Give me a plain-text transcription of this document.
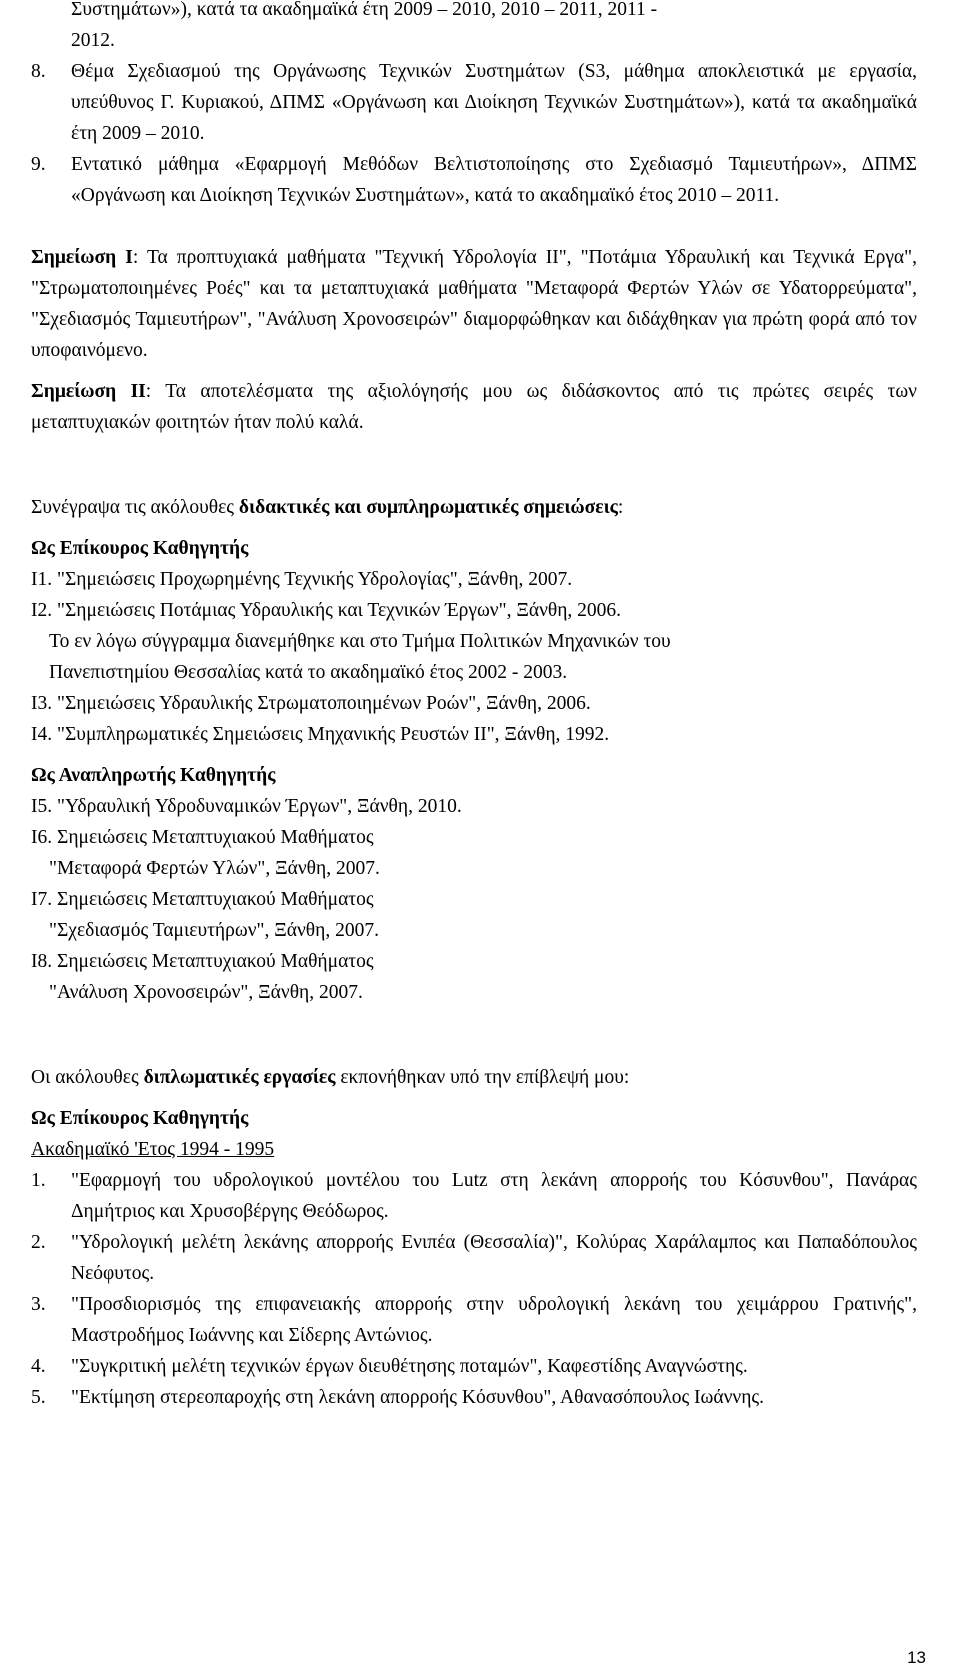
Συστημάτων»), κατά τα ακαδημαϊκά έτη 2009 – 2010, 2010 – 2011, 2011 -

2012.

8. Θέμα Σχεδιασμού της Οργάνωσης Τεχνικών Συστημάτων (S3, μάθημα αποκλειστικά με εργασία, υπεύθυνος Γ. Κυριακού, ΔΠΜΣ «Οργάνωση και Διοίκηση Τεχνικών Συστημάτων»), κατά τα ακαδημαϊκά έτη 2009 – 2010.
9. Εντατικό μάθημα «Εφαρμογή Μεθόδων Βελτιστοποίησης στο Σχεδιασμό Ταμιευτήρων», ΔΠΜΣ «Οργάνωση και Διοίκηση Τεχνικών Συστημάτων», κατά το ακαδημαϊκό έτος 2010 – 2011.

Σημείωση Ι: Τα προπτυχιακά μαθήματα "Τεχνική Υδρολογία ΙΙ", "Ποτάμια Υδραυλική και Τεχνικά Εργα", "Στρωματοποιημένες Ροές" και τα μεταπτυχιακά μαθήματα "Μεταφορά Φερτών Υλών σε Υδατορρεύματα", "Σχεδιασμός Ταμιευτήρων", "Ανάλυση Χρονοσειρών" διαμορφώθηκαν και διδάχθηκαν για πρώτη φορά από τον υποφαινόμενο.

Σημείωση ΙΙ: Τα αποτελέσματα της αξιολόγησής μου ως διδάσκοντος από τις πρώτες σειρές των μεταπτυχιακών φοιτητών ήταν πολύ καλά.

Συνέγραψα τις ακόλουθες διδακτικές και συμπληρωματικές σημειώσεις:

Ως Επίκουρος Καθηγητής

Ι1. "Σημειώσεις Προχωρημένης Τεχνικής Υδρολογίας", Ξάνθη, 2007.

Ι2. "Σημειώσεις Ποτάμιας Υδραυλικής και Τεχνικών Έργων", Ξάνθη, 2006.

Το εν λόγω σύγγραμμα διανεμήθηκε και στο Τμήμα Πολιτικών Μηχανικών του

Πανεπιστημίου Θεσσαλίας κατά το ακαδημαϊκό έτος 2002 - 2003.

Ι3. "Σημειώσεις Υδραυλικής Στρωματοποιημένων Ροών", Ξάνθη, 2006.

Ι4. "Συμπληρωματικές Σημειώσεις Μηχανικής Ρευστών ΙΙ", Ξάνθη, 1992.

Ως Αναπληρωτής Καθηγητής

Ι5. "Υδραυλική Υδροδυναμικών Έργων", Ξάνθη, 2010.

Ι6. Σημειώσεις Μεταπτυχιακού Μαθήματος

"Μεταφορά Φερτών Υλών", Ξάνθη, 2007.

Ι7. Σημειώσεις Μεταπτυχιακού Μαθήματος

"Σχεδιασμός Ταμιευτήρων", Ξάνθη, 2007.

Ι8. Σημειώσεις Μεταπτυχιακού Μαθήματος

"Ανάλυση Χρονοσειρών", Ξάνθη, 2007.

Οι ακόλουθες διπλωματικές εργασίες εκπονήθηκαν υπό την επίβλεψή μου:

Ως Επίκουρος Καθηγητής

Ακαδημαϊκό 'Ετος 1994 - 1995

1. "Εφαρμογή του υδρολογικού μοντέλου του Lutz στη λεκάνη απορροής του Κόσυνθου", Πανάρας Δημήτριος και Χρυσοβέργης Θεόδωρος.
2. "Υδρολογική μελέτη λεκάνης απορροής Ενιπέα (Θεσσαλία)", Κολύρας Χαράλαμπος και Παπαδόπουλος Νεόφυτος.
3. "Προσδιορισμός της επιφανειακής απορροής στην υδρολογική λεκάνη του χειμάρρου Γρατινής", Μαστροδήμος Ιωάννης και Σίδερης Αντώνιος.
4. "Συγκριτική μελέτη τεχνικών έργων διευθέτησης ποταμών", Καφεστίδης Αναγνώστης.
5. "Εκτίμηση στερεοπαροχής στη λεκάνη απορροής Κόσυνθου", Αθανασόπουλος Ιωάννης.
13
